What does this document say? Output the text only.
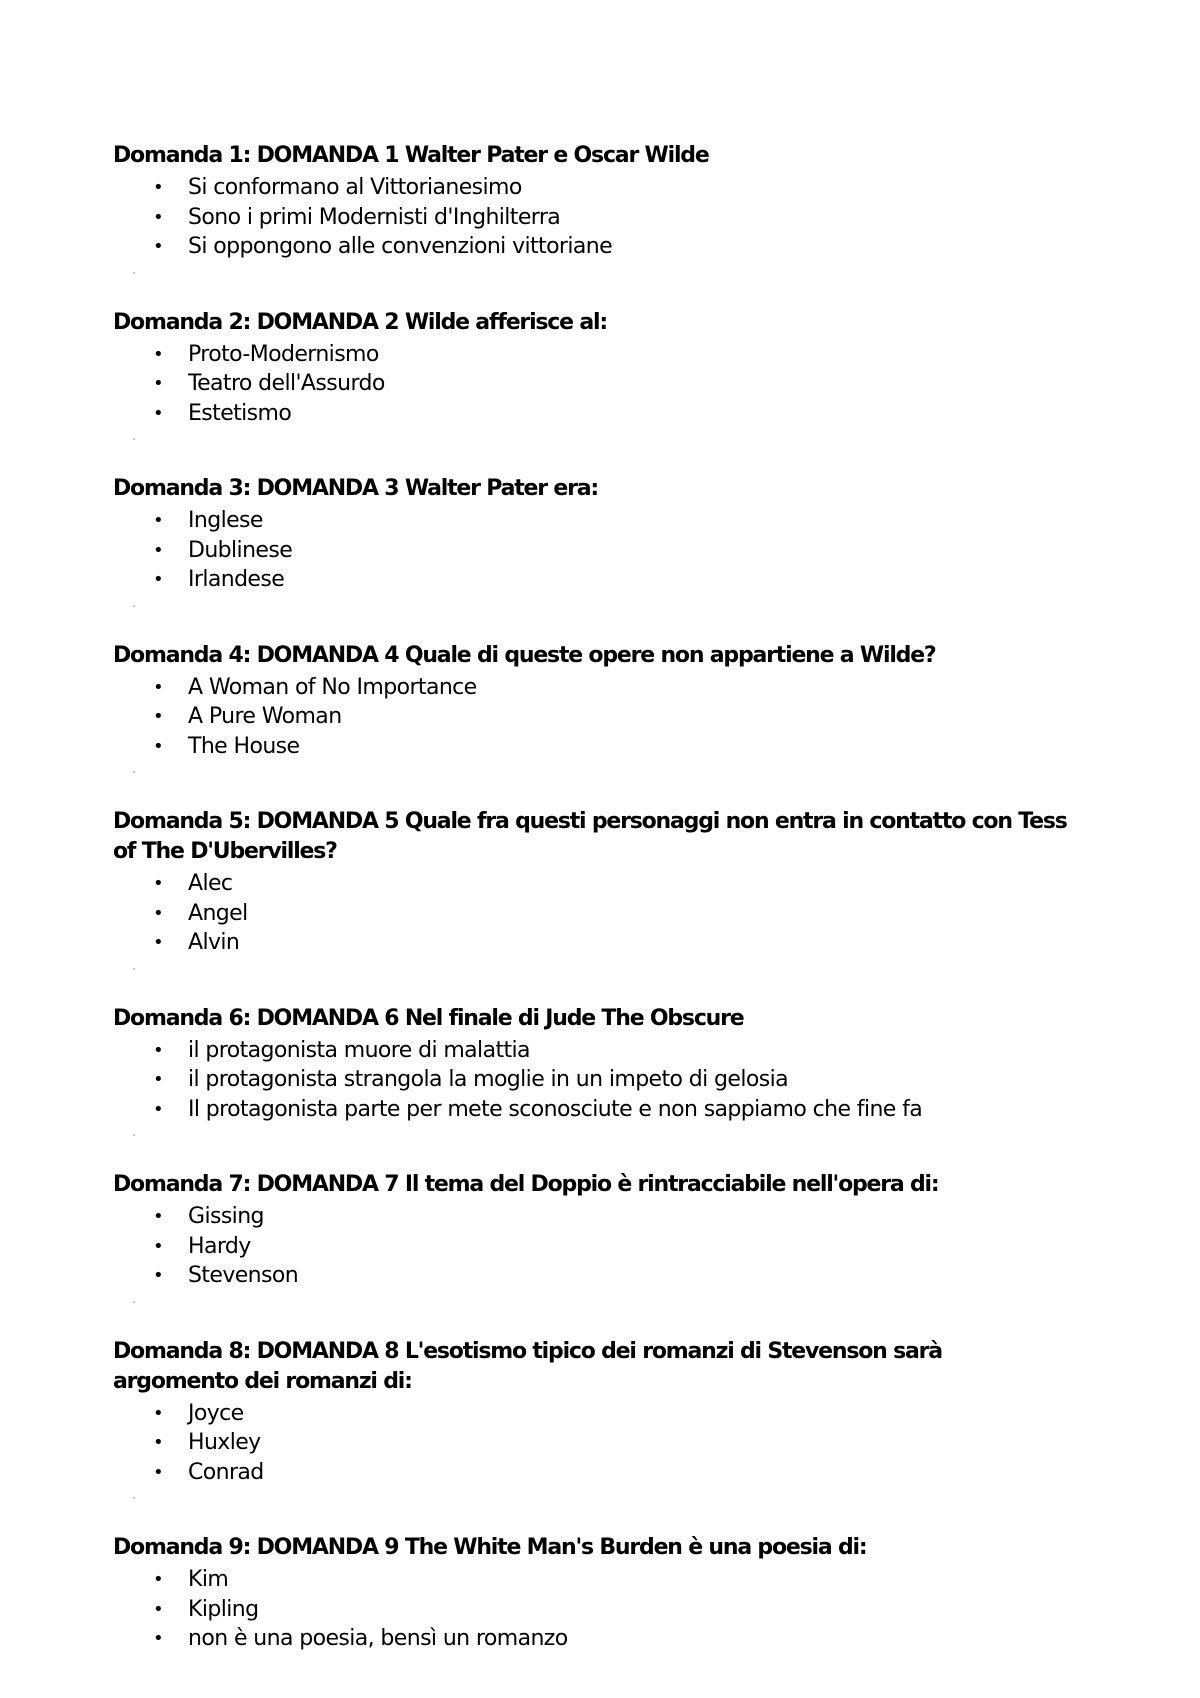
Domanda 1: DOMANDA 1 Walter Pater e Oscar Wilde
• Si conformano al Vittorianesimo
• Sono i primi Modernisti d'Inghilterra
• Si oppongono alle convenzioni vittoriane
Domanda 2: DOMANDA 2 Wilde afferisce al:
• Proto-Modernismo
• Teatro dell'Assurdo
• Estetismo
Domanda 3: DOMANDA 3 Walter Pater era:
• Inglese
• Dublinese
• Irlandese
Domanda 4: DOMANDA 4 Quale di queste opere non appartiene a Wilde?
• A Woman of No Importance
• A Pure Woman
• The House
Domanda 5: DOMANDA 5 Quale fra questi personaggi non entra in contatto con Tess of The D'Ubervilles?
• Alec
• Angel
• Alvin
Domanda 6: DOMANDA 6 Nel finale di Jude The Obscure
• il protagonista muore di malattia
• il protagonista strangola la moglie in un impeto di gelosia
• Il protagonista parte per mete sconosciute e non sappiamo che fine fa
Domanda 7: DOMANDA 7 Il tema del Doppio è rintracciabile nell'opera di:
• Gissing
• Hardy
• Stevenson
Domanda 8: DOMANDA 8 L'esotismo tipico dei romanzi di Stevenson sarà argomento dei romanzi di:
• Joyce
• Huxley
• Conrad
Domanda 9: DOMANDA 9 The White Man's Burden è una poesia di:
• Kim
• Kipling
• non è una poesia, bensì un romanzo
